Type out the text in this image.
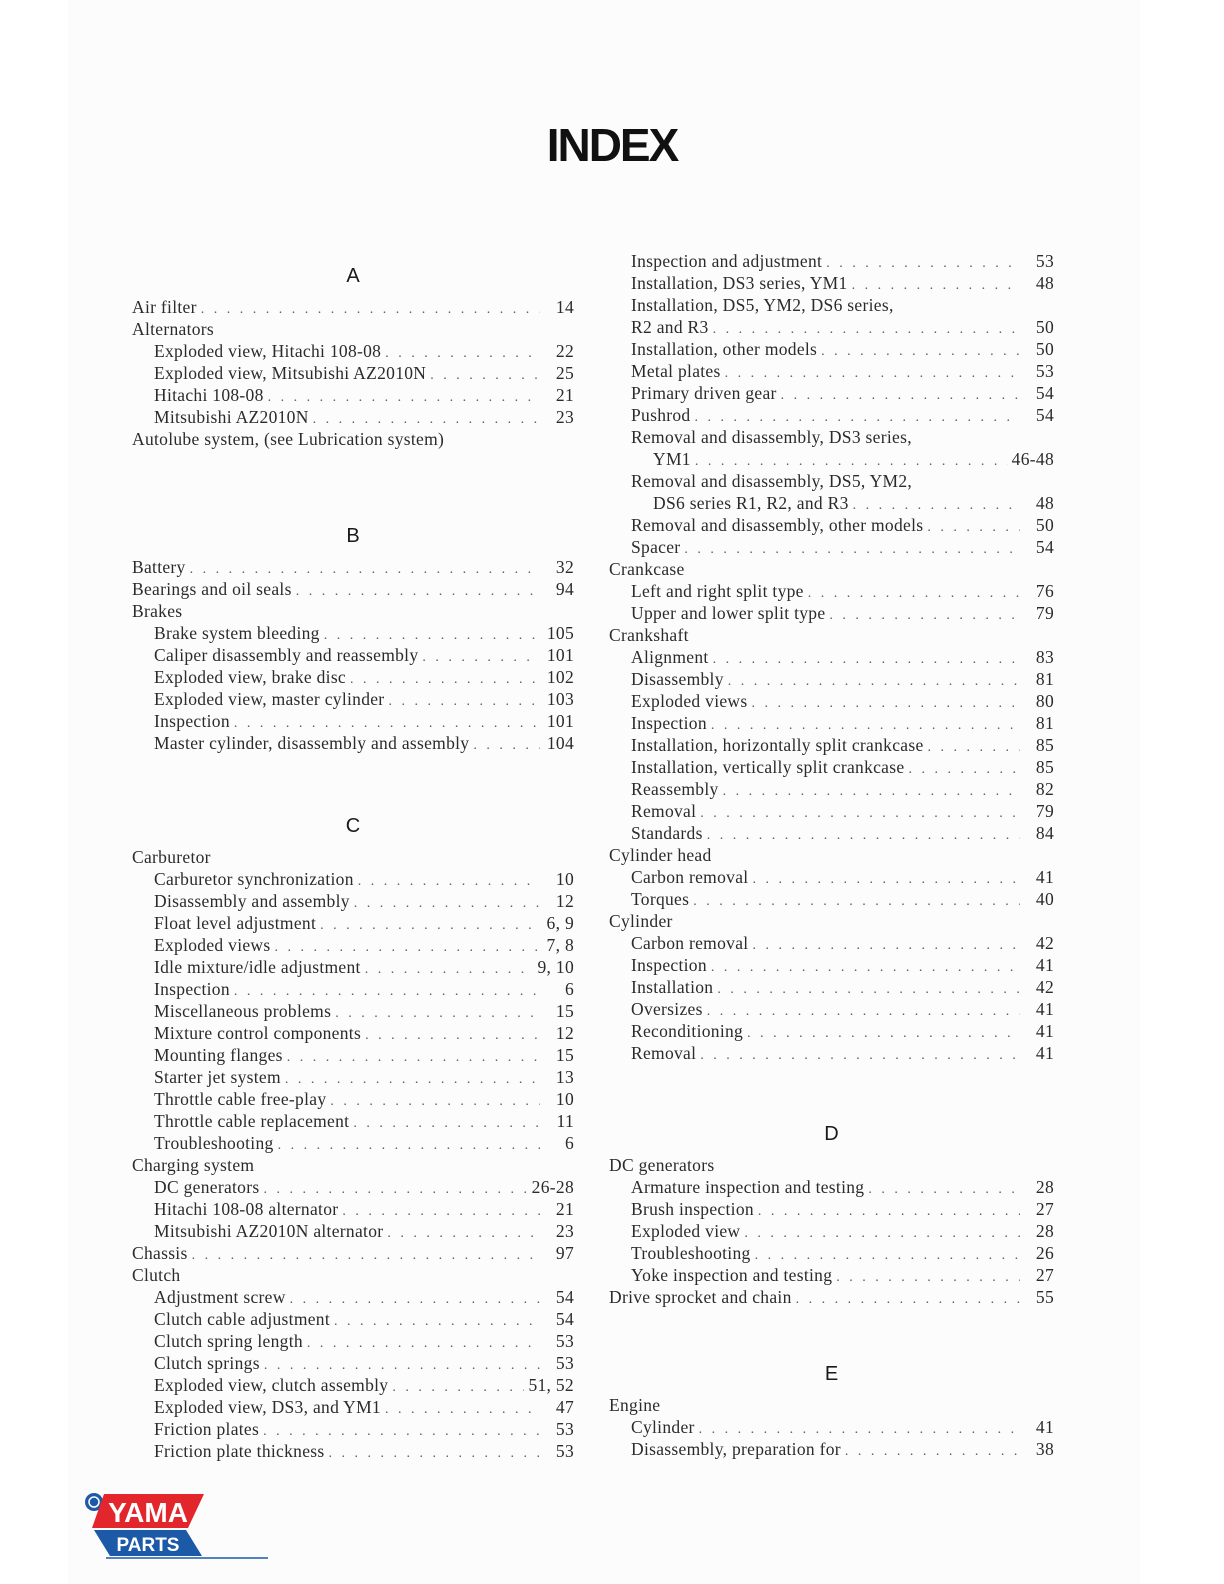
INDEX
A
Air filter . . .	14
Alternators
Exploded view, Hitachi 108-08 . . .	22
Exploded view, Mitsubishi AZ2010N . . .	25
Hitachi 108-08 . . .	21
Mitsubishi AZ2010N . . .	23
Autolube system, (see Lubrication system)
B
Battery . . .	32
Bearings and oil seals . . .	94
Brakes
Brake system bleeding . . .	105
Caliper disassembly and reassembly . . .	101
Exploded view, brake disc . . .	102
Exploded view, master cylinder . . .	103
Inspection . . .	101
Master cylinder, disassembly and assembly . . .	104
C
Carburetor
Carburetor synchronization . . .	10
Disassembly and assembly . . .	12
Float level adjustment . . .	6, 9
Exploded views . . .	7, 8
Idle mixture/idle adjustment . . .	9, 10
Inspection . . .	6
Miscellaneous problems . . .	15
Mixture control components . . .	12
Mounting flanges . . .	15
Starter jet system . . .	13
Throttle cable free-play . . .	10
Throttle cable replacement . . .	11
Troubleshooting . . .	6
Charging system
DC generators . . .	26-28
Hitachi 108-08 alternator . . .	21
Mitsubishi AZ2010N alternator . . .	23
Chassis . . .	97
Clutch
Adjustment screw . . .	54
Clutch cable adjustment . . .	54
Clutch spring length . . .	53
Clutch springs . . .	53
Exploded view, clutch assembly . . .	51, 52
Exploded view, DS3, and YM1 . . .	47
Friction plates . . .	53
Friction plate thickness . . .	53
Inspection and adjustment . . .	53
Installation, DS3 series, YM1 . . .	48
Installation, DS5, YM2, DS6 series,
R2 and R3 . . .	50
Installation, other models . . .	50
Metal plates . . .	53
Primary driven gear . . .	54
Pushrod . . .	54
Removal and disassembly, DS3 series,
YM1 . . .	46-48
Removal and disassembly, DS5, YM2,
DS6 series R1, R2, and R3 . . .	48
Removal and disassembly, other models . . .	50
Spacer . . .	54
Crankcase
Left and right split type . . .	76
Upper and lower split type . . .	79
Crankshaft
Alignment . . .	83
Disassembly . . .	81
Exploded views . . .	80
Inspection . . .	81
Installation, horizontally split crankcase . . .	85
Installation, vertically split crankcase . . .	85
Reassembly . . .	82
Removal . . .	79
Standards . . .	84
Cylinder head
Carbon removal . . .	41
Torques . . .	40
Cylinder
Carbon removal . . .	42
Inspection . . .	41
Installation . . .	42
Oversizes . . .	41
Reconditioning . . .	41
Removal . . .	41
D
DC generators
Armature inspection and testing . . .	28
Brush inspection . . .	27
Exploded view . . .	28
Troubleshooting . . .	26
Yoke inspection and testing . . .	27
Drive sprocket and chain . . .	55
E
Engine
Cylinder . . .	41
Disassembly, preparation for . . .	38
YAMA
PARTS
